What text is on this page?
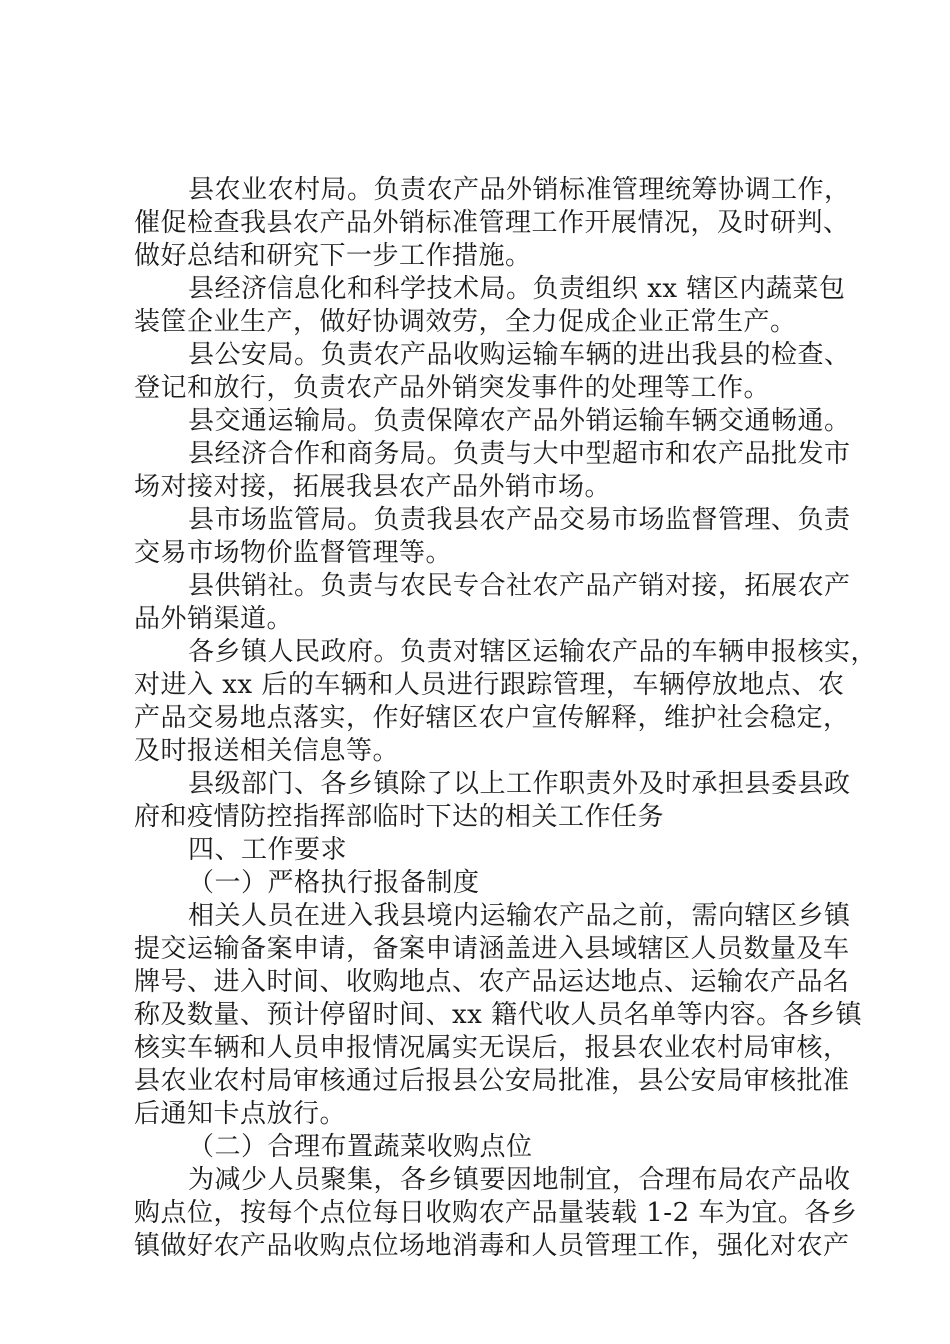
县农业农村局。负责农产品外销标准管理统筹协调工作，
催促检查我县农产品外销标准管理工作开展情况，及时研判、
做好总结和研究下一步工作措施。
县经济信息化和科学技术局。负责组织 xx 辖区内蔬菜包
装筐企业生产，做好协调效劳，全力促成企业正常生产。
县公安局。负责农产品收购运输车辆的进出我县的检查、
登记和放行，负责农产品外销突发事件的处理等工作。
县交通运输局。负责保障农产品外销运输车辆交通畅通。
县经济合作和商务局。负责与大中型超市和农产品批发市
场对接对接，拓展我县农产品外销市场。
县市场监管局。负责我县农产品交易市场监督管理、负责
交易市场物价监督管理等。
县供销社。负责与农民专合社农产品产销对接，拓展农产
品外销渠道。
各乡镇人民政府。负责对辖区运输农产品的车辆申报核实，
对进入 xx 后的车辆和人员进行跟踪管理，车辆停放地点、农
产品交易地点落实，作好辖区农户宣传解释，维护社会稳定，
及时报送相关信息等。
县级部门、各乡镇除了以上工作职责外及时承担县委县政
府和疫情防控指挥部临时下达的相关工作任务
四、工作要求
（一）严格执行报备制度
相关人员在进入我县境内运输农产品之前，需向辖区乡镇
提交运输备案申请，备案申请涵盖进入县域辖区人员数量及车
牌号、进入时间、收购地点、农产品运达地点、运输农产品名
称及数量、预计停留时间、xx 籍代收人员名单等内容。各乡镇
核实车辆和人员申报情况属实无误后，报县农业农村局审核，
县农业农村局审核通过后报县公安局批准，县公安局审核批准
后通知卡点放行。
（二）合理布置蔬菜收购点位
为减少人员聚集，各乡镇要因地制宜，合理布局农产品收
购点位，按每个点位每日收购农产品量装载 1-2 车为宜。各乡
镇做好农产品收购点位场地消毒和人员管理工作，强化对农产
